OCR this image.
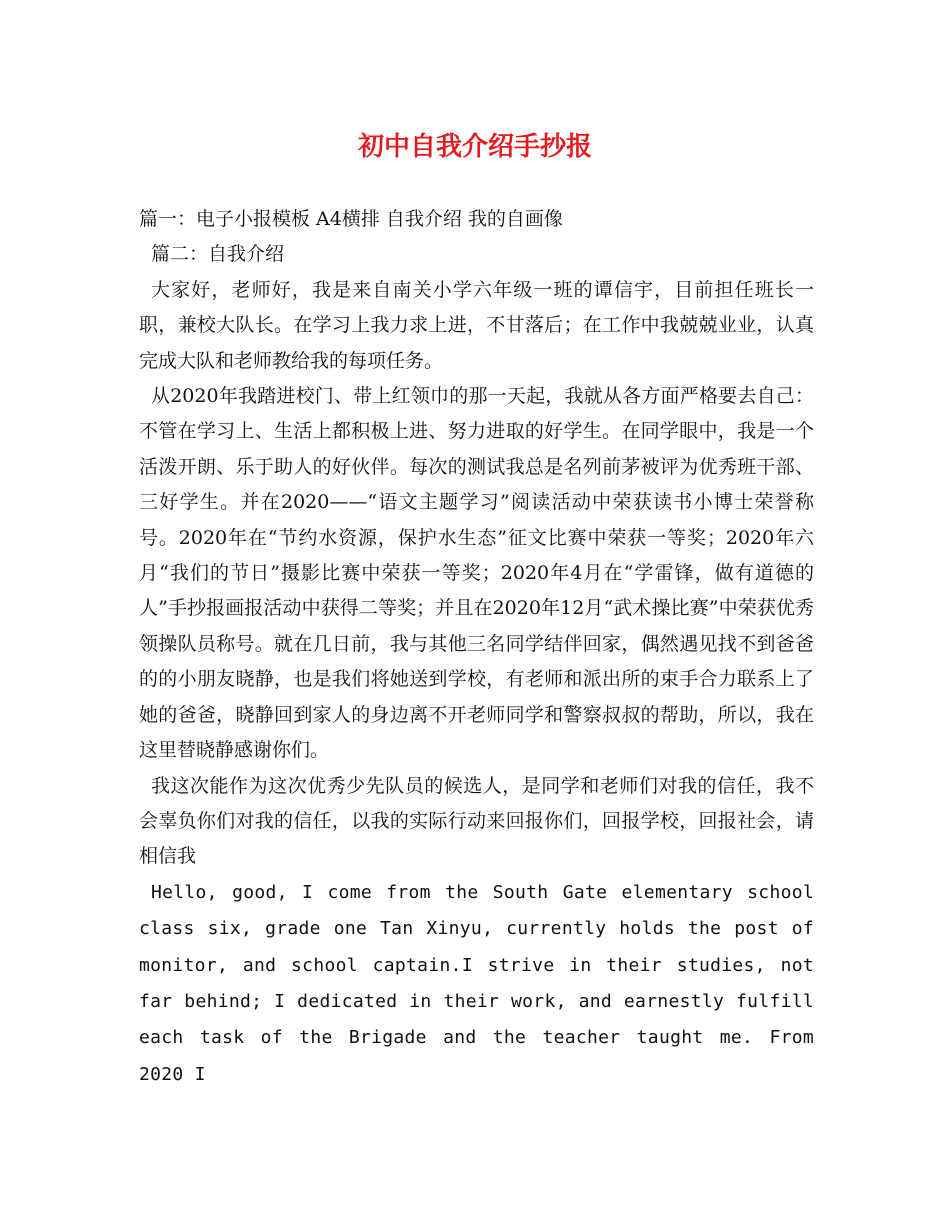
初中自我介绍手抄报

篇一：电子小报模板 A4横排 自我介绍 我的自画像

篇二：自我介绍

大家好，老师好，我是来自南关小学六年级一班的谭信宇，目前担任班长一职，兼校大队长。在学习上我力求上进，不甘落后；在工作中我兢兢业业，认真完成大队和老师教给我的每项任务。

从2020年我踏进校门、带上红领巾的那一天起，我就从各方面严格要去自己：不管在学习上、生活上都积极上进、努力进取的好学生。在同学眼中，我是一个活泼开朗、乐于助人的好伙伴。每次的测试我总是名列前茅被评为优秀班干部、三好学生。并在2020——“语文主题学习”阅读活动中荣获读书小博士荣誉称号。2020年在“节约水资源，保护水生态”征文比赛中荣获一等奖；2020年六月“我们的节日”摄影比赛中荣获一等奖；2020年4月在“学雷锋，做有道德的人”手抄报画报活动中获得二等奖；并且在2020年12月“武术操比赛”中荣获优秀领操队员称号。就在几日前，我与其他三名同学结伴回家，偶然遇见找不到爸爸的的小朋友晓静，也是我们将她送到学校，有老师和派出所的束手合力联系上了她的爸爸，晓静回到家人的身边离不开老师同学和警察叔叔的帮助，所以，我在这里替晓静感谢你们。

我这次能作为这次优秀少先队员的候选人，是同学和老师们对我的信任，我不会辜负你们对我的信任，以我的实际行动来回报你们，回报学校，回报社会，请相信我

Hello, good, I come from the South Gate elementary school class six, grade one Tan Xinyu, currently holds the post of monitor, and school captain.I strive in their studies, not far behind; I dedicated in their work, and earnestly fulfill each task of the Brigade and the teacher taught me. From 2020 I
